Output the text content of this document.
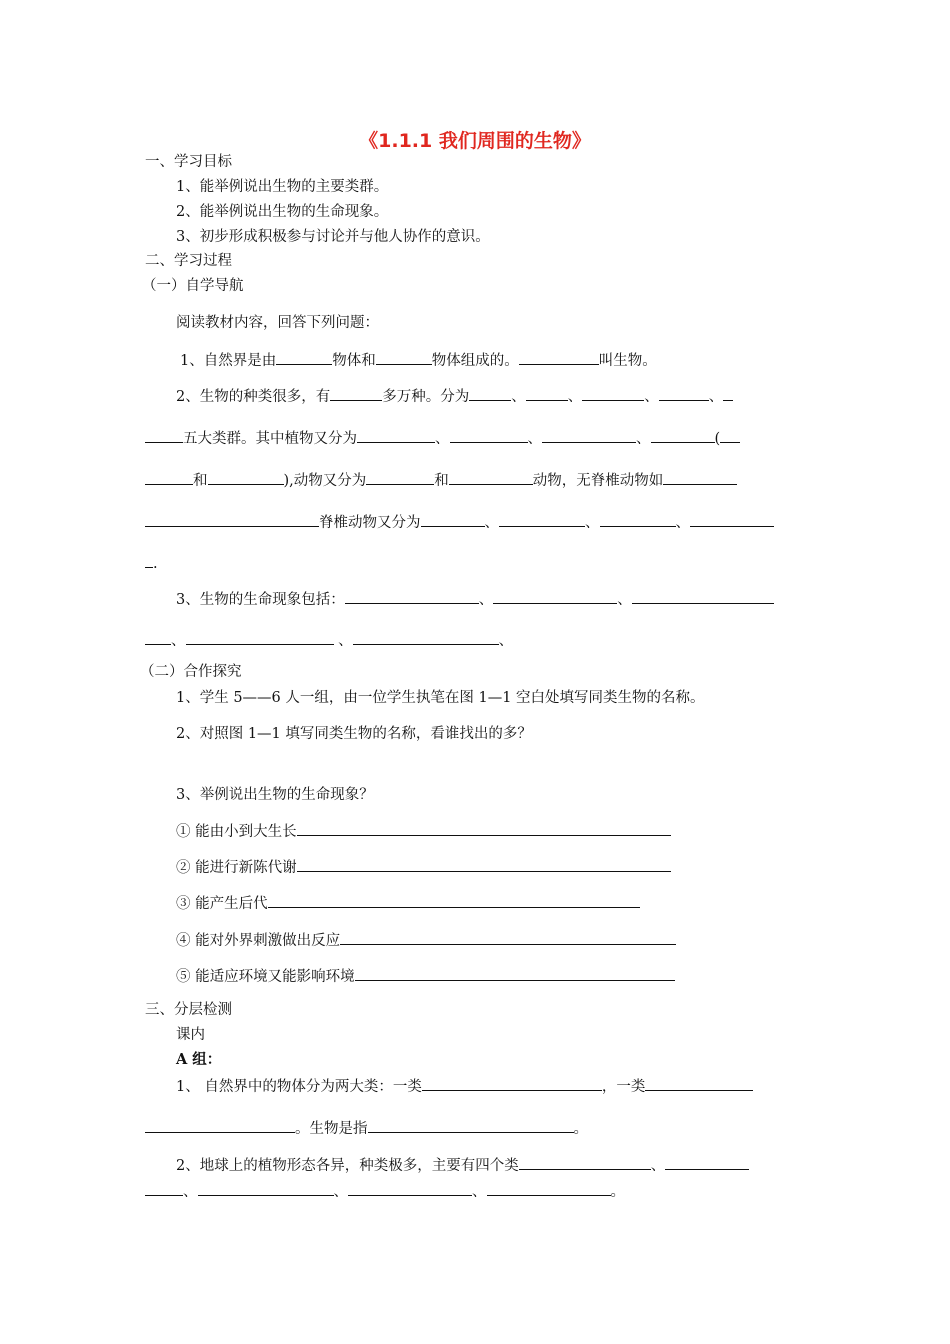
《1.1.1 我们周围的生物》
一、学习目标
1、能举例说出生物的主要类群。
2、能举例说出生物的生命现象。
3、初步形成积极参与讨论并与他人协作的意识。
二、学习过程
（一）自学导航
阅读教材内容，回答下列问题：
1、自然界是由	物体和	物体组成的。	叫生物。
2、生物的种类很多，有	多万种。分为	、	、	、	、
五大类群。其中植物又分为	、	、	、	(
和	),动物又分为	和	动物，无脊椎动物如
脊椎动物又分为	、	、	、
.
3、生物的生命现象包括：	、	、
、	、	、
（二）合作探究
1、学生 5——6 人一组，由一位学生执笔在图 1—1 空白处填写同类生物的名称。
2、对照图 1—1 填写同类生物的名称，看谁找出的多？
3、举例说出生物的生命现象？
① 能由小到大生长
② 能进行新陈代谢
③ 能产生后代
④ 能对外界刺激做出反应
⑤ 能适应环境又能影响环境
三、分层检测
课内
A 组：
1、 自然界中的物体分为两大类：一类	，一类
。生物是指	。
2、地球上的植物形态各异，种类极多，主要有四个类	、
、	、	、	。
